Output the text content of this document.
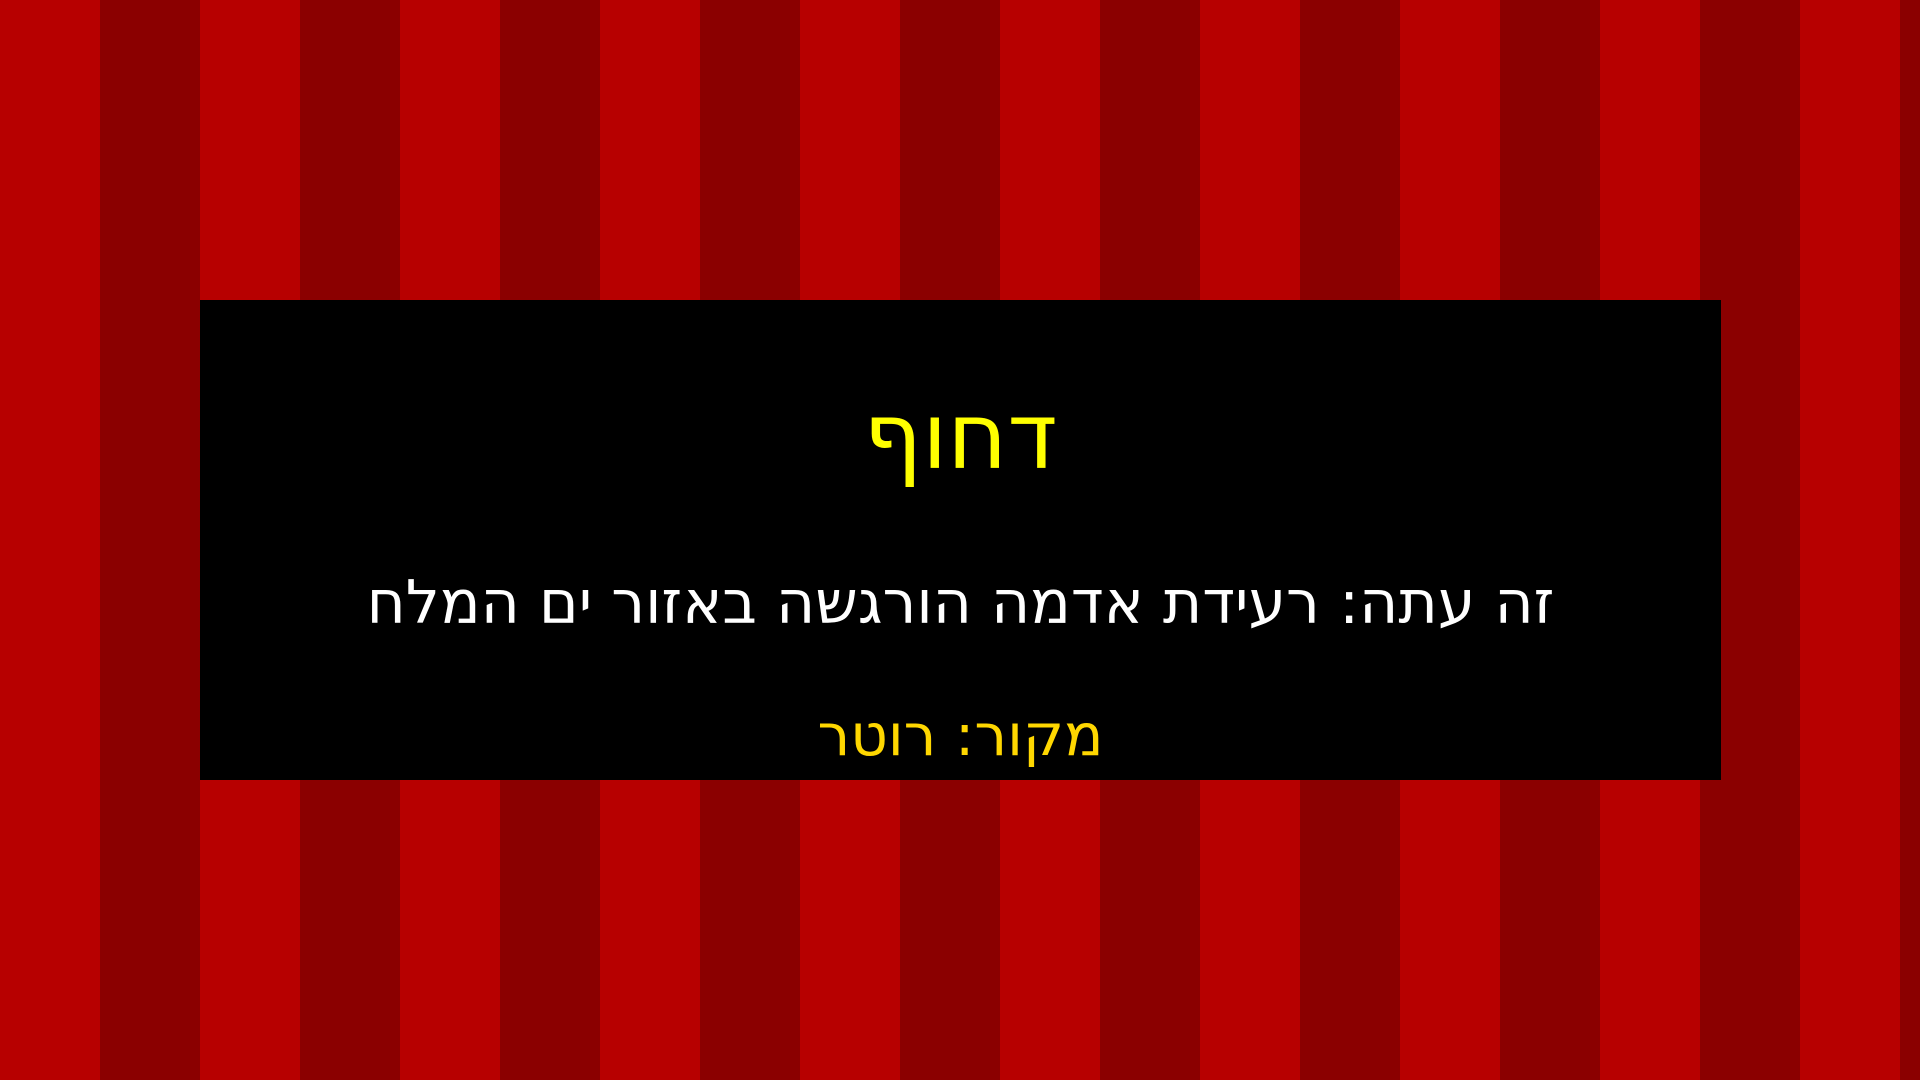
דחוף
זה עתה: רעידת אדמה הורגשה באזור ים המלח
מקור: רוטר
